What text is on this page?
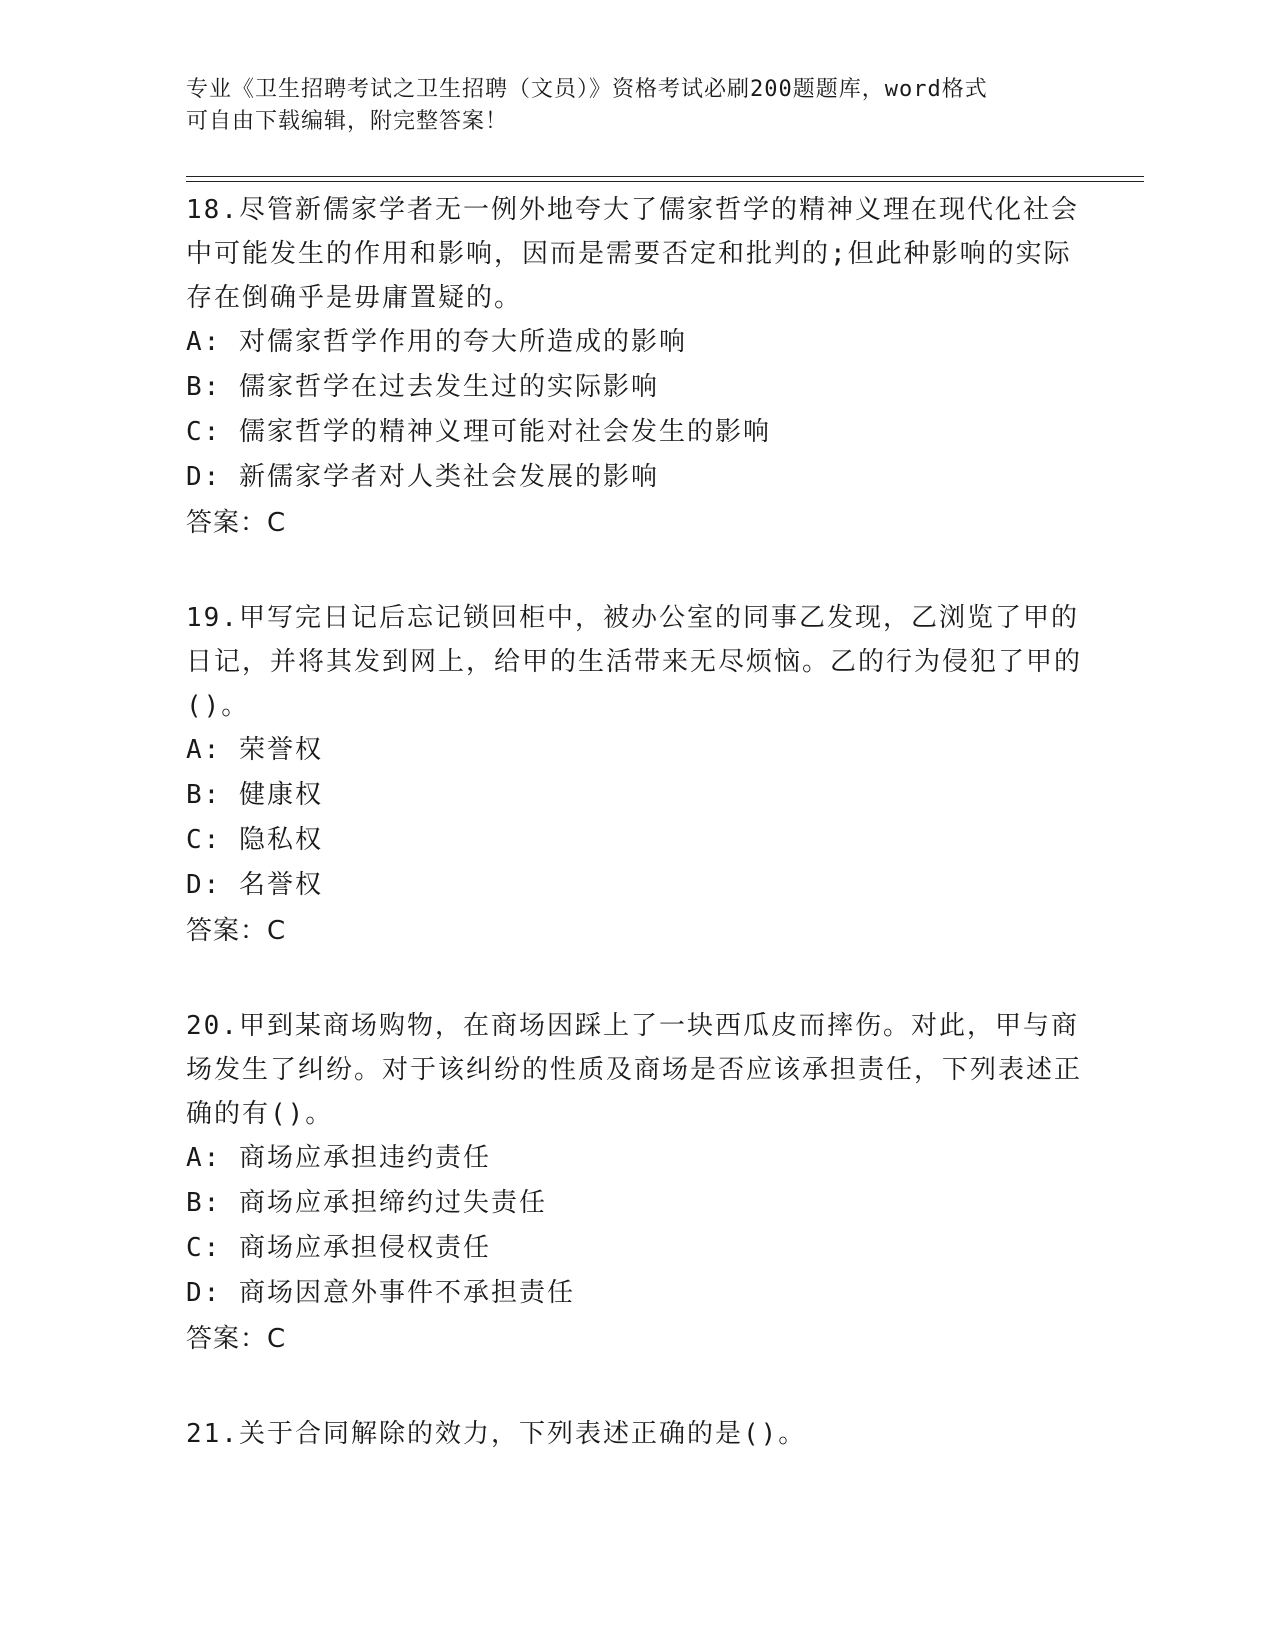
专业《卫生招聘考试之卫生招聘（文员）》资格考试必刷200题题库，word格式
可自由下载编辑，附完整答案！

18.尽管新儒家学者无一例外地夸大了儒家哲学的精神义理在现代化社会中可能发生的作用和影响，因而是需要否定和批判的;但此种影响的实际存在倒确乎是毋庸置疑的。

A: 对儒家哲学作用的夸大所造成的影响

B: 儒家哲学在过去发生过的实际影响

C: 儒家哲学的精神义理可能对社会发生的影响

D: 新儒家学者对人类社会发展的影响

答案：C

19.甲写完日记后忘记锁回柜中，被办公室的同事乙发现，乙浏览了甲的日记，并将其发到网上，给甲的生活带来无尽烦恼。乙的行为侵犯了甲的()。

A: 荣誉权

B: 健康权

C: 隐私权

D: 名誉权

答案：C

20.甲到某商场购物，在商场因踩上了一块西瓜皮而摔伤。对此，甲与商场发生了纠纷。对于该纠纷的性质及商场是否应该承担责任，下列表述正确的有()。

A: 商场应承担违约责任

B: 商场应承担缔约过失责任

C: 商场应承担侵权责任

D: 商场因意外事件不承担责任

答案：C

21.关于合同解除的效力，下列表述正确的是()。
